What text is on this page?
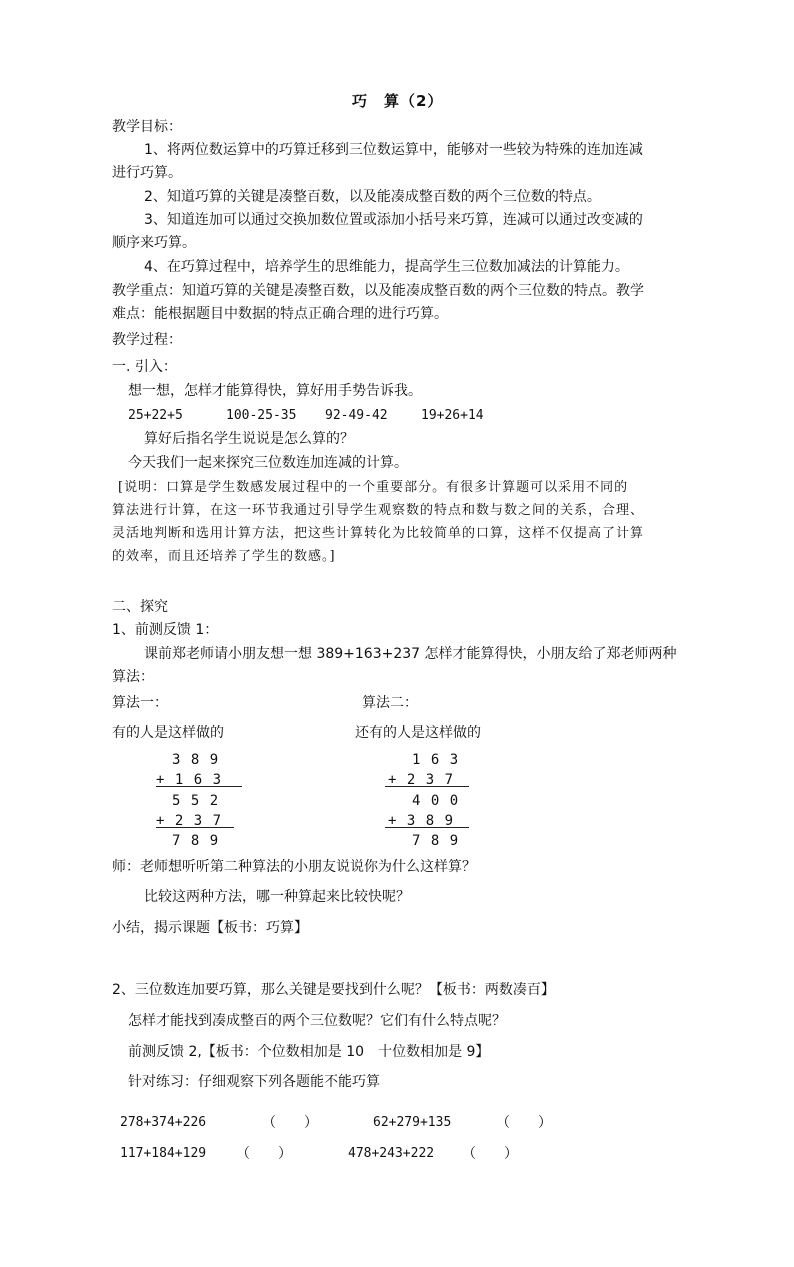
巧　算（2）
教学目标：
1、将两位数运算中的巧算迁移到三位数运算中，能够对一些较为特殊的连加连减
进行巧算。
2、知道巧算的关键是凑整百数，以及能凑成整百数的两个三位数的特点。
3、知道连加可以通过交换加数位置或添加小括号来巧算，连减可以通过改变减的
顺序来巧算。
4、在巧算过程中，培养学生的思维能力，提高学生三位数加减法的计算能力。
教学重点：知道巧算的关键是凑整百数，以及能凑成整百数的两个三位数的特点。教学
难点：能根据题目中数据的特点正确合理的进行巧算。
教学过程：
一. 引入：
想一想，怎样才能算得快，算好用手势告诉我。
25+22+5	100-25-35 92-49-42	19+26+14
算好后指名学生说说是怎么算的？
今天我们一起来探究三位数连加连减的计算。
[说明：口算是学生数感发展过程中的一个重要部分。有很多计算题可以采用不同的
算法进行计算，在这一环节我通过引导学生观察数的特点和数与数之间的关系，合理、
灵活地判断和选用计算方法，把这些计算转化为比较简单的口算，这样不仅提高了计算
的效率，而且还培养了学生的数感。]
二、探究
1、前测反馈 1：
课前郑老师请小朋友想一想 389+163+237 怎样才能算得快，小朋友给了郑老师两种
算法：
算法一：	算法二：
有的人是这样做的	还有的人是这样做的
3 8 9
+ 1 6 3
5 5 2
+ 2 3 7
7 8 9
1 6 3
+ 2 3 7
4 0 0
+ 3 8 9
7 8 9
师：老师想听听第二种算法的小朋友说说你为什么这样算？
比较这两种方法，哪一种算起来比较快呢？
小结，揭示课题【板书：巧算】
2、三位数连加要巧算，那么关键是要找到什么呢？【板书：两数凑百】
怎样才能找到凑成整百的两个三位数呢？它们有什么特点呢？
前测反馈 2,【板书：个位数相加是 10　十位数相加是 9】
针对练习：仔细观察下列各题能不能巧算
278+374+226	（　　）	62+279+135	（　　）
117+184+129 （　　）	478+243+222 （　　）
